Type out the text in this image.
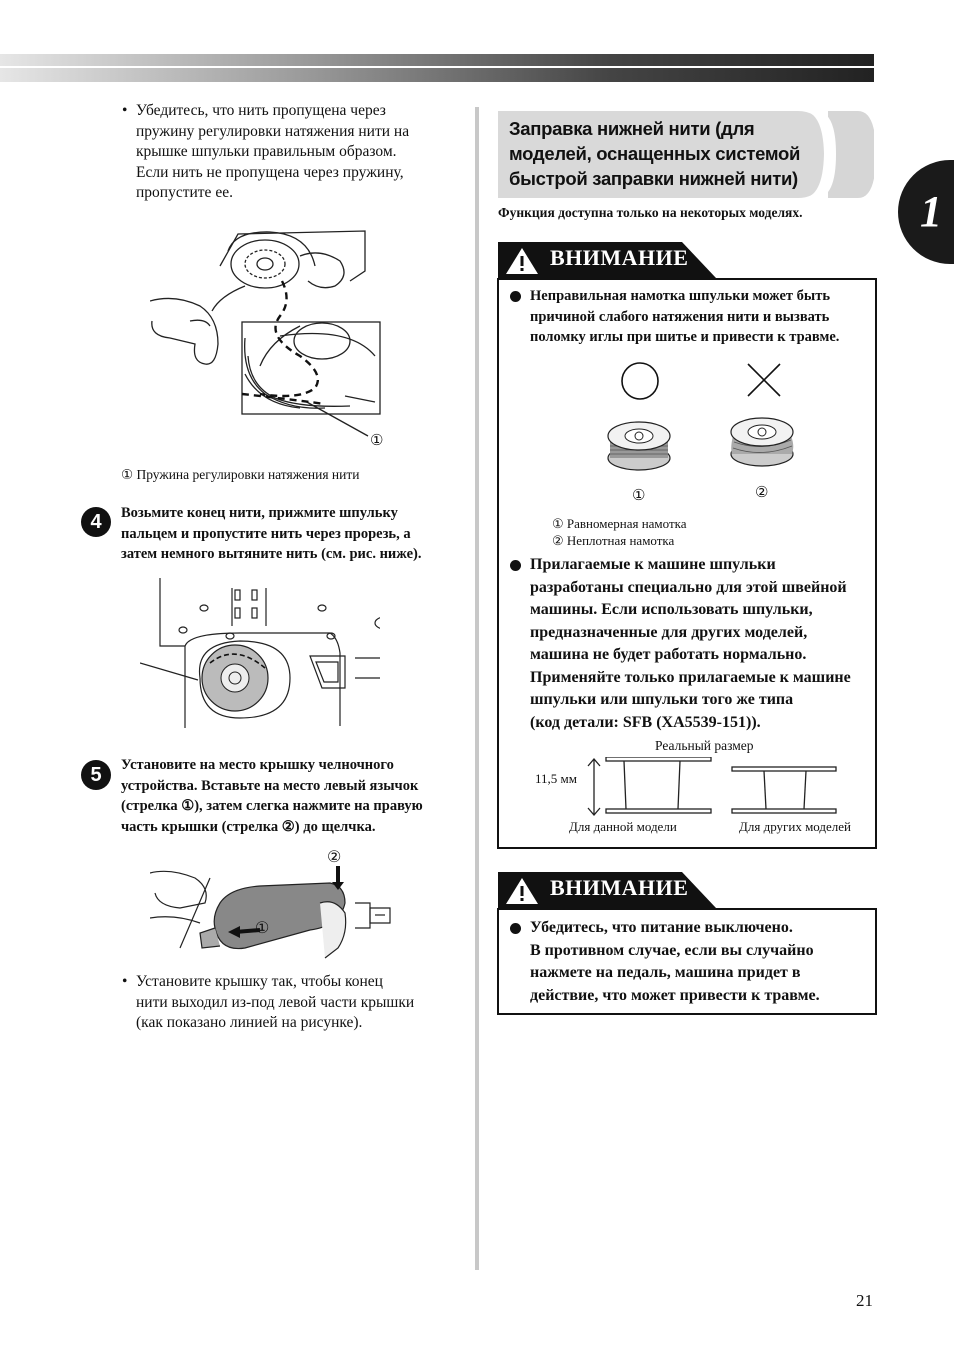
1
• Убедитесь, что нить пропущена через
пружину регулировки натяжения нити на
крышке шпульки правильным образом.
Если нить не пропущена через пружину,
пропустите ее.
①
① Пружина регулировки натяжения нити
4	Возьмите конец нити, прижмите шпульку
пальцем и пропустите нить через прорезь, а
затем немного вытяните нить (см. рис. ниже).
5	Установите на место крышку челночного
устройства. Вставьте на место левый язычок
(стрелка ①), затем слегка нажмите на правую
часть крышки (стрелка ②) до щелчка.
②
①
• Установите крышку так, чтобы конец
нити выходил из-под левой части крышки
(как показано линией на рисунке).
Заправка нижней нити (для
моделей, оснащенных системой
быстрой заправки нижней нити)
Функция доступна только на некоторых моделях.
ВНИМАНИЕ
Неправильная намотка шпульки может быть
причиной слабого натяжения нити и вызвать
поломку иглы при шитье и привести к травме.
①	②
① Равномерная намотка
② Неплотная намотка
Прилагаемые к машине шпульки
разработаны специально для этой швейной
машины. Если использовать шпульки,
предназначенные для других моделей,
машина не будет работать нормально.
Применяйте только прилагаемые к машине
шпульки или шпульки того же типа
(код детали: SFB (XA5539-151)).
Реальный размер
11,5 мм
Для данной модели	Для других моделей
ВНИМАНИЕ
Убедитесь, что питание выключено.
В противном случае, если вы случайно
нажмете на педаль, машина придет в
действие, что может привести к травме.
21
